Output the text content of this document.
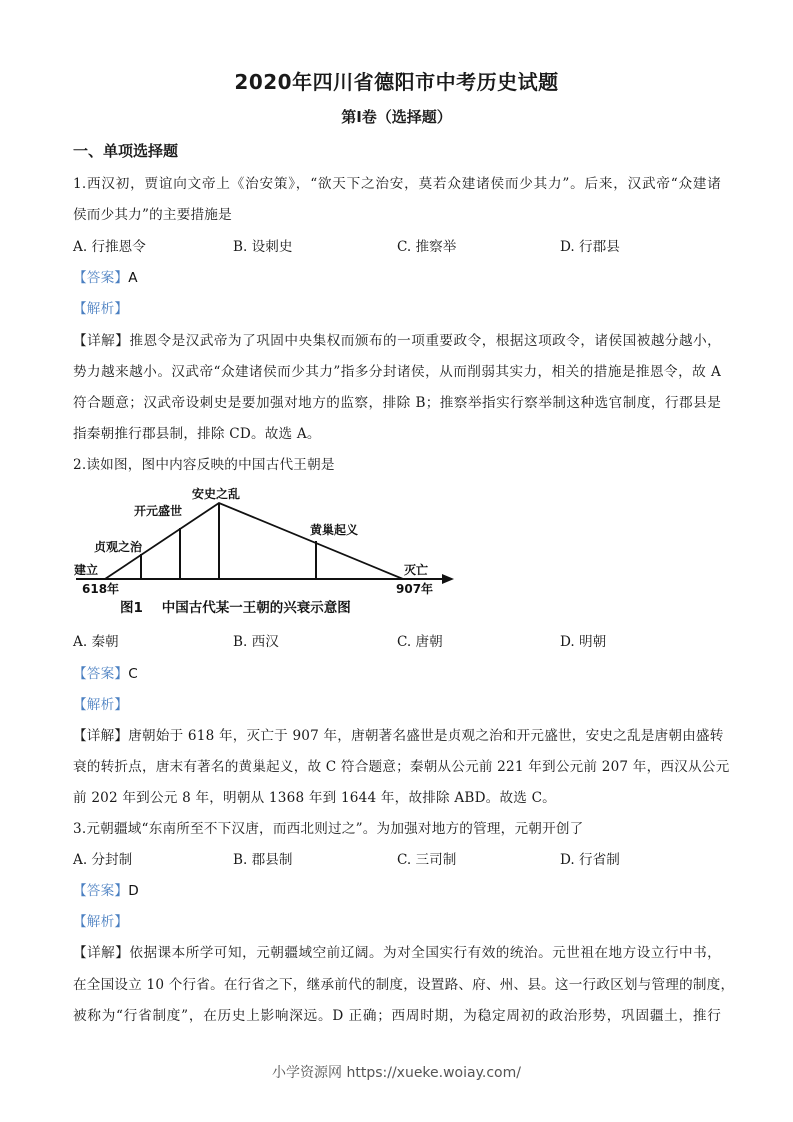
2020年四川省德阳市中考历史试题
第Ⅰ卷（选择题）
一、单项选择题
1.西汉初，贾谊向文帝上《治安策》，“欲天下之治安，莫若众建诸侯而少其力”。后来，汉武帝“众建诸
侯而少其力”的主要措施是
A. 行推恩令	B. 设刺史	C. 推察举	D. 行郡县
【答案】A
【解析】
【详解】推恩令是汉武帝为了巩固中央集权而颁布的一项重要政令，根据这项政令，诸侯国被越分越小，
势力越来越小。汉武帝“众建诸侯而少其力”指多分封诸侯，从而削弱其实力，相关的措施是推恩令，故 A
符合题意；汉武帝设刺史是要加强对地方的监察，排除 B；推察举指实行察举制这种选官制度，行郡县是
指秦朝推行郡县制，排除 CD。故选 A。
2.读如图，图中内容反映的中国古代王朝是
建立
618年
贞观之治
开元盛世
安史之乱
黄巢起义
灭亡
907年
图1    中国古代某一王朝的兴衰示意图
A. 秦朝	B. 西汉	C. 唐朝	D. 明朝
【答案】C
【解析】
【详解】唐朝始于 618 年，灭亡于 907 年，唐朝著名盛世是贞观之治和开元盛世，安史之乱是唐朝由盛转
衰的转折点，唐末有著名的黄巢起义，故 C 符合题意；秦朝从公元前 221 年到公元前 207 年，西汉从公元
前 202 年到公元 8 年，明朝从 1368 年到 1644 年，故排除 ABD。故选 C。
3.元朝疆域“东南所至不下汉唐，而西北则过之”。为加强对地方的管理，元朝开创了
A. 分封制	B. 郡县制	C. 三司制	D. 行省制
【答案】D
【解析】
【详解】依据课本所学可知，元朝疆域空前辽阔。为对全国实行有效的统治。元世祖在地方设立行中书，
在全国设立 10 个行省。在行省之下，继承前代的制度，设置路、府、州、县。这一行政区划与管理的制度，
被称为“行省制度”，在历史上影响深远。D 正确；西周时期，为稳定周初的政治形势，巩固疆土，推行
小学资源网 https://xueke.woiay.com/
